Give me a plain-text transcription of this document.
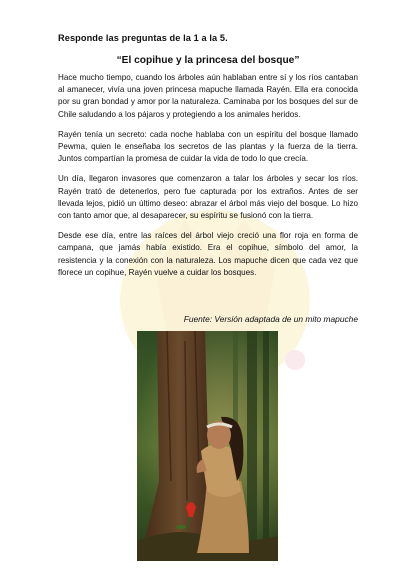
Responde las preguntas de la 1 a la 5.
“El copihue y la princesa del bosque”

Hace mucho tiempo, cuando los árboles aún hablaban entre sí y los ríos cantaban al amanecer, vivía una joven princesa mapuche llamada Rayén. Ella era conocida por su gran bondad y amor por la naturaleza. Caminaba por los bosques del sur de Chile saludando a los pájaros y protegiendo a los animales heridos.

Rayén tenía un secreto: cada noche hablaba con un espíritu del bosque llamado Pewma, quien le enseñaba los secretos de las plantas y la fuerza de la tierra. Juntos compartían la promesa de cuidar la vida de todo lo que crecía.

Un día, llegaron invasores que comenzaron a talar los árboles y secar los ríos. Rayén trató de detenerlos, pero fue capturada por los extraños. Antes de ser llevada lejos, pidió un último deseo: abrazar el árbol más viejo del bosque. Lo hizo con tanto amor que, al desaparecer, su espíritu se fusionó con la tierra.

Desde ese día, entre las raíces del árbol viejo creció una flor roja en forma de campana, que jamás había existido. Era el copihue, símbolo del amor, la resistencia y la conexión con la naturaleza. Los mapuche dicen que cada vez que florece un copihue, Rayén vuelve a cuidar los bosques.

Fuente: Versión adaptada de un mito mapuche
